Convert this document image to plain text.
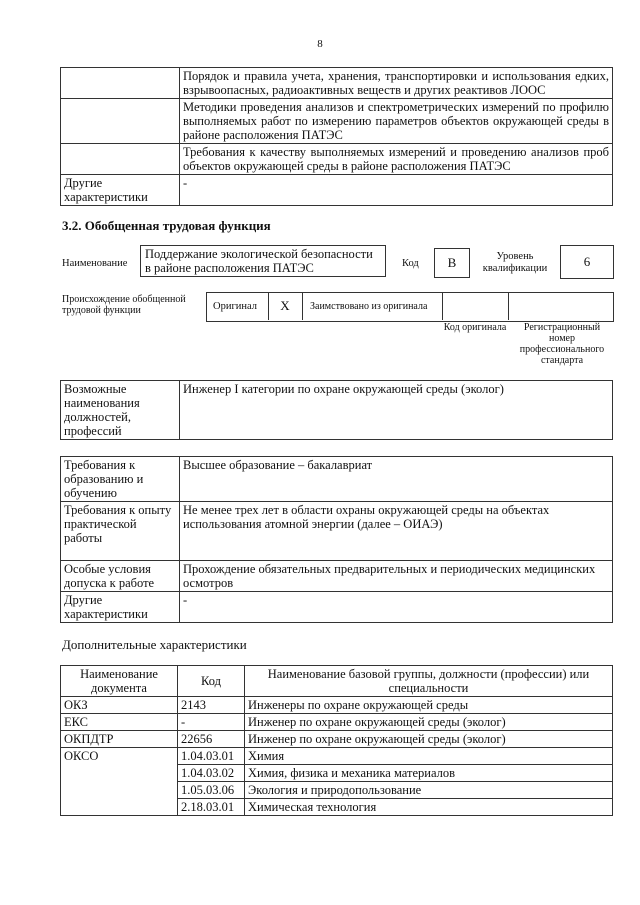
8
	Порядок и правила учета, хранения, транспортировки и использования едких, взрывоопасных, радиоактивных веществ и других реактивов ЛООС
	Методики проведения анализов и спектрометрических измерений по профилю выполняемых работ по измерению параметров объектов окружающей среды в районе расположения ПАТЭС
	Требования к качеству выполняемых измерений и проведению анализов проб объектов окружающей среды в районе расположения ПАТЭС
Другие характеристики	-
3.2. Обобщенная трудовая функция
Наименование
Поддержание экологической безопасности в районе расположения ПАТЭС	Код	B	Уровень квалификации	6
Происхождение обобщенной трудовой функции	Оригинал	X	Заимствовано из оригинала
Код оригинала	Регистрационный номер профессионального стандарта
Возможные наименования должностей, профессий	Инженер I категории по охране окружающей среды (эколог)
Требования к образованию и обучению	Высшее образование – бакалавриат
Требования к опыту практической работы	Не менее трех лет в области охраны окружающей среды на объектах использования атомной энергии (далее – ОИАЭ)
Особые условия допуска к работе	Прохождение обязательных предварительных и периодических медицинских осмотров
Другие характеристики	-
Дополнительные характеристики
Наименование документа	Код	Наименование базовой группы, должности (профессии) или специальности
ОКЗ	2143	Инженеры по охране окружающей среды
ЕКС	-	Инженер по охране окружающей среды (эколог)
ОКПДТР	22656	Инженер по охране окружающей среды (эколог)
ОКСО	1.04.03.01	Химия
	1.04.03.02	Химия, физика и механика материалов
	1.05.03.06	Экология и природопользование
	2.18.03.01	Химическая технология
